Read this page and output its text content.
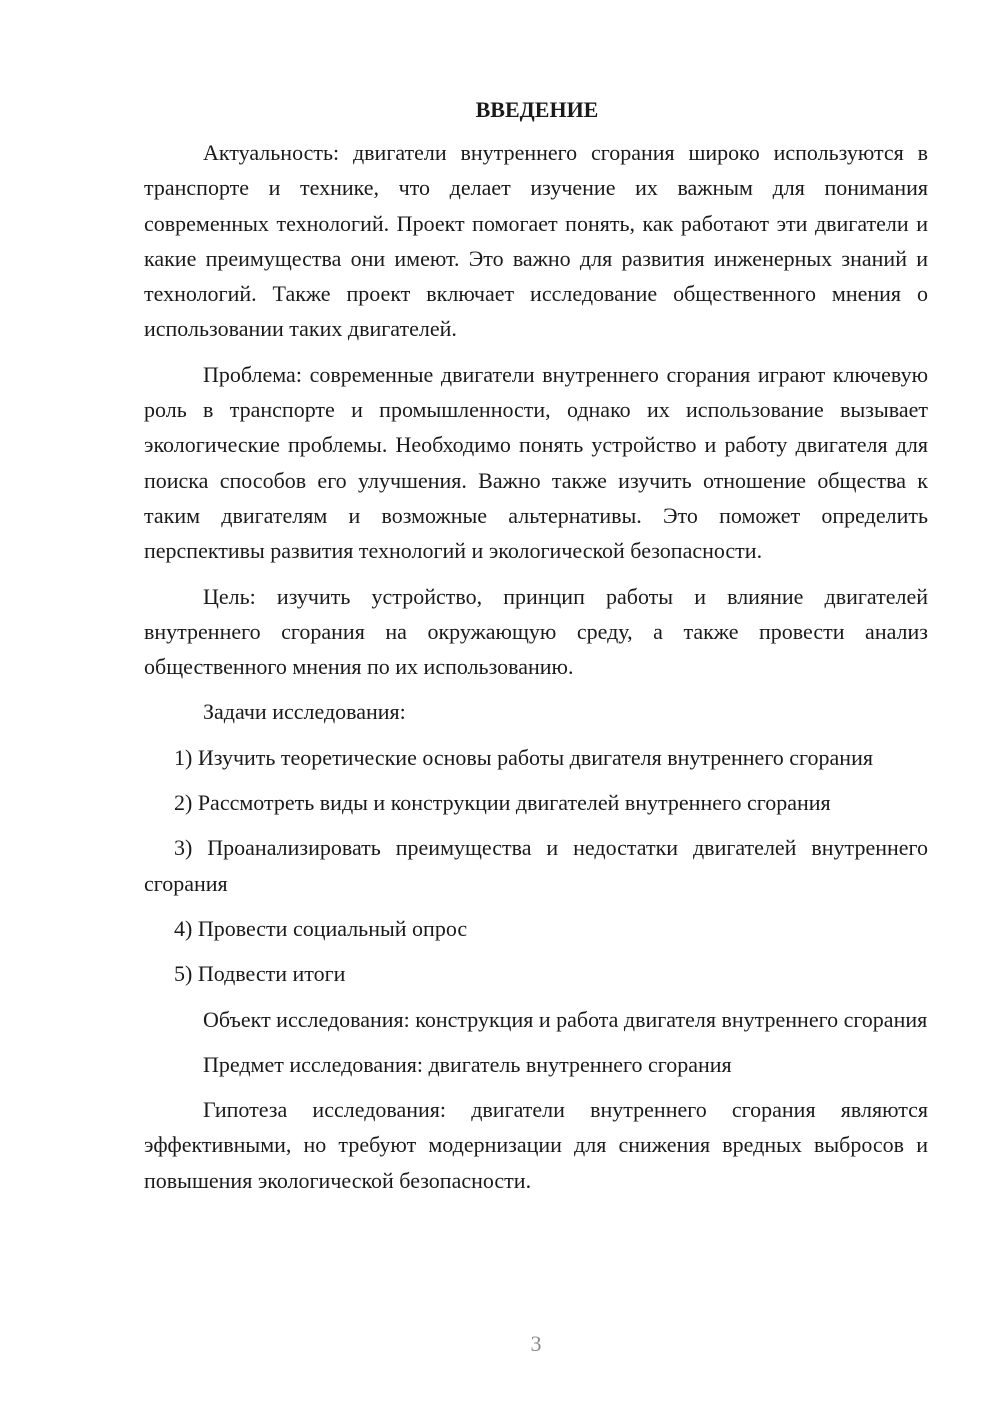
ВВЕДЕНИЕ

Актуальность: двигатели внутреннего сгорания широко используются в транспорте и технике, что делает изучение их важным для понимания современных технологий. Проект помогает понять, как работают эти двигатели и какие преимущества они имеют. Это важно для развития инженерных знаний и технологий. Также проект включает исследование общественного мнения о использовании таких двигателей.

Проблема: современные двигатели внутреннего сгорания играют ключевую роль в транспорте и промышленности, однако их использование вызывает экологические проблемы. Необходимо понять устройство и работу двигателя для поиска способов его улучшения. Важно также изучить отношение общества к таким двигателям и возможные альтернативы. Это поможет определить перспективы развития технологий и экологической безопасности.

Цель: изучить устройство, принцип работы и влияние двигателей внутреннего сгорания на окружающую среду, а также провести анализ общественного мнения по их использованию.

Задачи исследования:

1) Изучить теоретические основы работы двигателя внутреннего сгорания

2) Рассмотреть виды и конструкции двигателей внутреннего сгорания

3) Проанализировать преимущества и недостатки двигателей внутреннего сгорания

4) Провести социальный опрос

5) Подвести итоги

Объект исследования: конструкция и работа двигателя внутреннего сгорания

Предмет исследования: двигатель внутреннего сгорания

Гипотеза исследования: двигатели внутреннего сгорания являются эффективными, но требуют модернизации для снижения вредных выбросов и повышения экологической безопасности.

3
